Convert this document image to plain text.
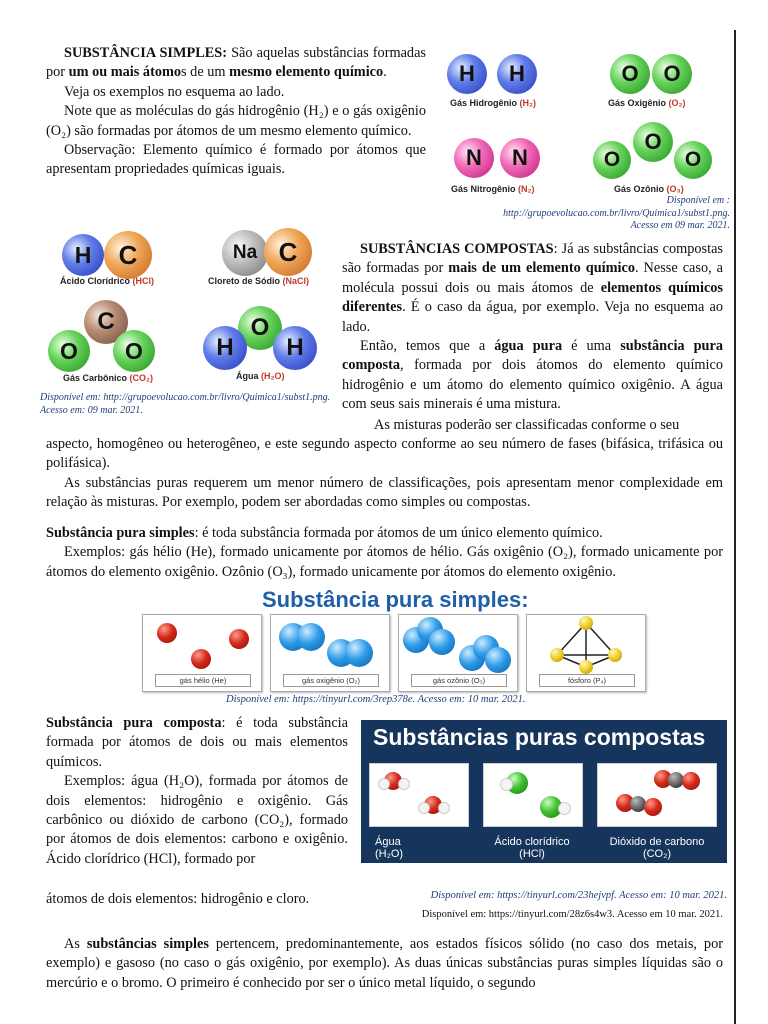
SUBSTÂNCIA SIMPLES: São aquelas substâncias formadas por um ou mais átomos de um mesmo elemento químico.

Veja os exemplos no esquema ao lado.

Note que as moléculas do gás hidrogênio (H₂) e o gás oxigênio (O₂) são formadas por átomos de um mesmo elemento químico.

Observação: Elemento químico é formado por átomos que apresentam propriedades químicas iguais.

H	H
Gás Hidrogênio (H₂)
O	O
Gás Oxigênio (O₂)
N	N
Gás Nitrogênio (N₂)
O
O
O
Gás Ozônio (O₃)
Disponível em :
http://grupoevolucao.com.br/livro/Quimica1/subst1.png.
Acesso em 09 mar. 2021.
H	C
Ácido Clorídrico (HCl)
Na C
Cloreto de Sódio (NaCl)
C
O	O
Gás Carbônico (CO₂)
O
H	H
Água (H₂O)
Disponível em: http://grupoevolucao.com.br/livro/Quimica1/subst1.png. Acesso em: 09 mar. 2021.

SUBSTÂNCIAS COMPOSTAS: Já as substâncias compostas são formadas por mais de um elemento químico. Nesse caso, a molécula possui dois ou mais átomos de elementos químicos diferentes. É o caso da água, por exemplo. Veja no esquema ao lado.

Então, temos que a água pura é uma substância pura composta, formada por dois átomos do elemento químico hidrogênio e um átomo do elemento químico oxigênio. A água com seus sais minerais é uma mistura.

As misturas poderão ser classificadas conforme o seu

aspecto, homogêneo ou heterogêneo, e este segundo aspecto conforme ao seu número de fases (bifásica, trifásica ou polifásica).

As substâncias puras requerem um menor número de classificações, pois apresentam menor complexidade em relação às misturas. Por exemplo, podem ser abordadas como simples ou compostas.

Substância pura simples: é toda substância formada por átomos de um único elemento químico.

Exemplos: gás hélio (He), formado unicamente por átomos de hélio. Gás oxigênio (O₂), formado unicamente por átomos do elemento oxigênio. Ozônio (O₃), formado unicamente por átomos do elemento oxigênio.

Substância pura simples:
gás hélio (He)	gás oxigênio (O₂)	gás ozônio (O₃)	fósforo (P₄)
Disponível em: https://tinyurl.com/3rep378e. Acesso em: 10 mar. 2021.

Substância pura composta: é toda substância formada por átomos de dois ou mais elementos químicos.

Exemplos: água (H₂O), formada por átomos de dois elementos: hidrogênio e oxigênio. Gás carbônico ou dióxido de carbono (CO₂), formado por átomos de dois elementos: carbono e oxigênio. Ácido clorídrico (HCl), formado por

átomos de dois elementos: hidrogênio e cloro.
Substâncias puras compostas
Água
(H₂O)
Ácido clorídrico
(HCl)
Dióxido de carbono
(CO₂)
Disponível em: https://tinyurl.com/23hejvpf. Acesso em: 10 mar. 2021.
Disponível em: https://tinyurl.com/28z6s4w3. Acesso em 10 mar. 2021.

As substâncias simples pertencem, predominantemente, aos estados físicos sólido (no caso dos metais, por exemplo) e gasoso (no caso o gás oxigênio, por exemplo). As duas únicas substâncias puras simples líquidas são o mercúrio e o bromo. O primeiro é conhecido por ser o único metal líquido, o segundo
